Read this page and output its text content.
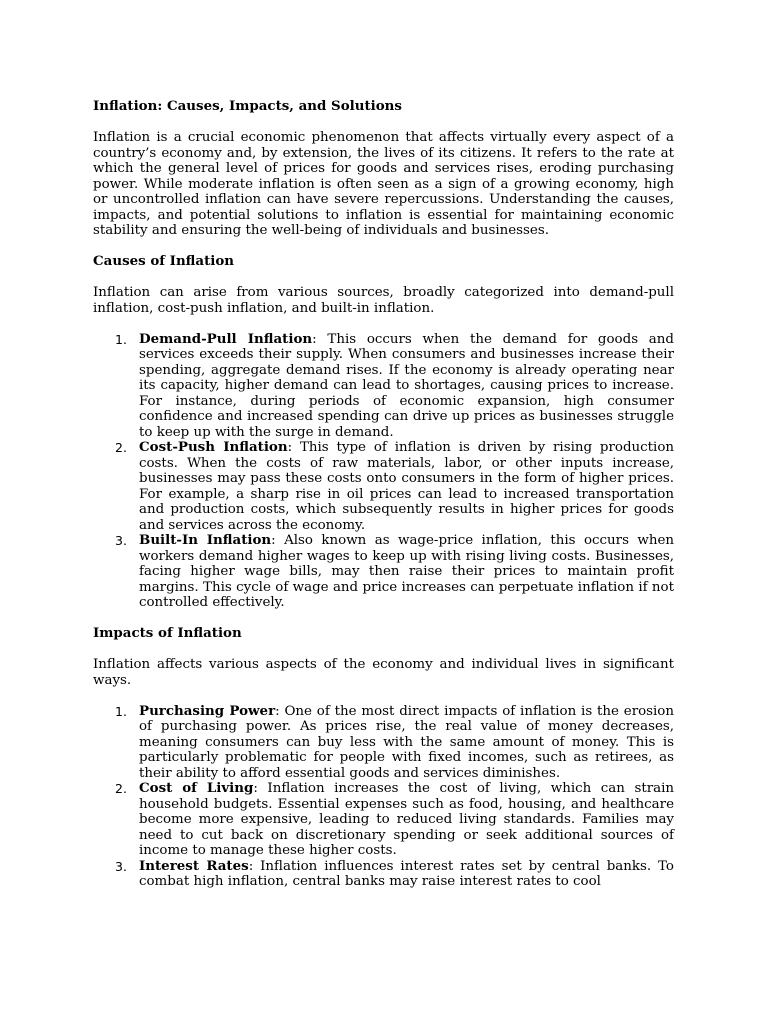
Inflation: Causes, Impacts, and Solutions

Inflation is a crucial economic phenomenon that affects virtually every aspect of a country’s economy and, by extension, the lives of its citizens. It refers to the rate at which the general level of prices for goods and services rises, eroding purchasing power. While moderate inflation is often seen as a sign of a growing economy, high or uncontrolled inflation can have severe repercussions. Understanding the causes, impacts, and potential solutions to inflation is essential for maintaining economic stability and ensuring the well-being of individuals and businesses.

Causes of Inflation

Inflation can arise from various sources, broadly categorized into demand-pull inflation, cost-push inflation, and built-in inflation.

1. Demand-Pull Inflation: This occurs when the demand for goods and services exceeds their supply. When consumers and businesses increase their spending, aggregate demand rises. If the economy is already operating near its capacity, higher demand can lead to shortages, causing prices to increase. For instance, during periods of economic expansion, high consumer confidence and increased spending can drive up prices as businesses struggle to keep up with the surge in demand.
2. Cost-Push Inflation: This type of inflation is driven by rising production costs. When the costs of raw materials, labor, or other inputs increase, businesses may pass these costs onto consumers in the form of higher prices. For example, a sharp rise in oil prices can lead to increased transportation and production costs, which subsequently results in higher prices for goods and services across the economy.
3. Built-In Inflation: Also known as wage-price inflation, this occurs when workers demand higher wages to keep up with rising living costs. Businesses, facing higher wage bills, may then raise their prices to maintain profit margins. This cycle of wage and price increases can perpetuate inflation if not controlled effectively.
Impacts of Inflation

Inflation affects various aspects of the economy and individual lives in significant ways.

1. Purchasing Power: One of the most direct impacts of inflation is the erosion of purchasing power. As prices rise, the real value of money decreases, meaning consumers can buy less with the same amount of money. This is particularly problematic for people with fixed incomes, such as retirees, as their ability to afford essential goods and services diminishes.
2. Cost of Living: Inflation increases the cost of living, which can strain household budgets. Essential expenses such as food, housing, and healthcare become more expensive, leading to reduced living standards. Families may need to cut back on discretionary spending or seek additional sources of income to manage these higher costs.
3. Interest Rates: Inflation influences interest rates set by central banks. To combat high inflation, central banks may raise interest rates to cool
